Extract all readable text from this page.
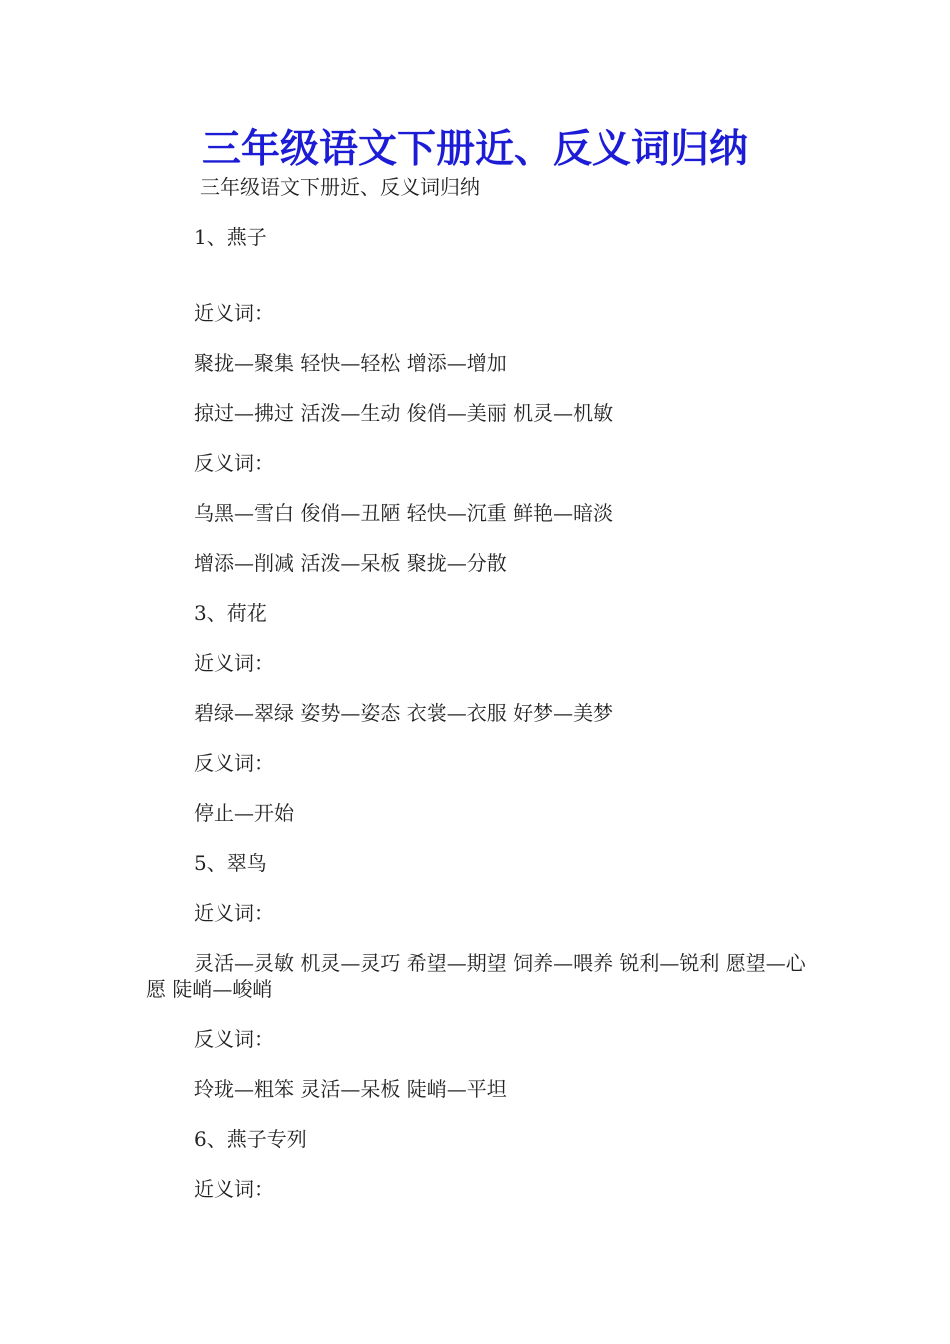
三年级语文下册近、反义词归纳

三年级语文下册近、反义词归纳

1、燕子

近义词：

聚拢—聚集 轻快—轻松 增添—增加

掠过—拂过 活泼—生动 俊俏—美丽 机灵—机敏

反义词：

乌黑—雪白 俊俏—丑陋 轻快—沉重 鲜艳—暗淡

增添—削减 活泼—呆板 聚拢—分散

3、荷花

近义词：

碧绿—翠绿 姿势—姿态 衣裳—衣服 好梦—美梦

反义词：

停止—开始

5、翠鸟

近义词：

灵活—灵敏 机灵—灵巧 希望—期望 饲养—喂养 锐利—锐利 愿望—心愿 陡峭—峻峭

反义词：

玲珑—粗笨 灵活—呆板 陡峭—平坦

6、燕子专列

近义词：
